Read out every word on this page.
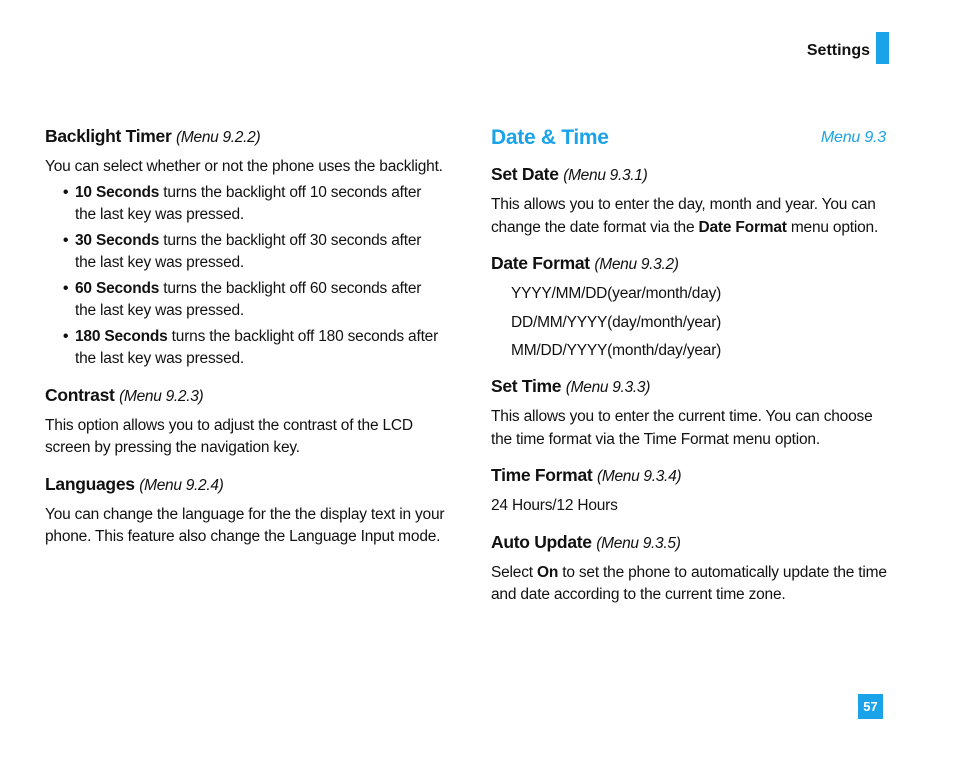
Settings
Backlight Timer (Menu 9.2.2)

You can select whether or not the phone uses the backlight.

• 10 Seconds turns the backlight off 10 seconds after the last key was pressed.
• 30 Seconds turns the backlight off 30 seconds after the last key was pressed.
• 60 Seconds turns the backlight off 60 seconds after the last key was pressed.
• 180 Seconds turns the backlight off 180 seconds after the last key was pressed.
Contrast (Menu 9.2.3)

This option allows you to adjust the contrast of the LCD screen by pressing the navigation key.

Languages (Menu 9.2.4)

You can change the language for the the display text in your phone. This feature also change the Language Input mode.

Date & Time	Menu 9.3
Set Date (Menu 9.3.1)

This allows you to enter the day, month and year. You can change the date format via the Date Format menu option.

Date Format (Menu 9.3.2)
YYYY/MM/DD(year/month/day)
DD/MM/YYYY(day/month/year)
MM/DD/YYYY(month/day/year)
Set Time (Menu 9.3.3)

This allows you to enter the current time. You can choose the time format via the Time Format menu option.

Time Format (Menu 9.3.4)

24 Hours/12 Hours

Auto Update (Menu 9.3.5)

Select On to set the phone to automatically update the time and date according to the current time zone.

57
